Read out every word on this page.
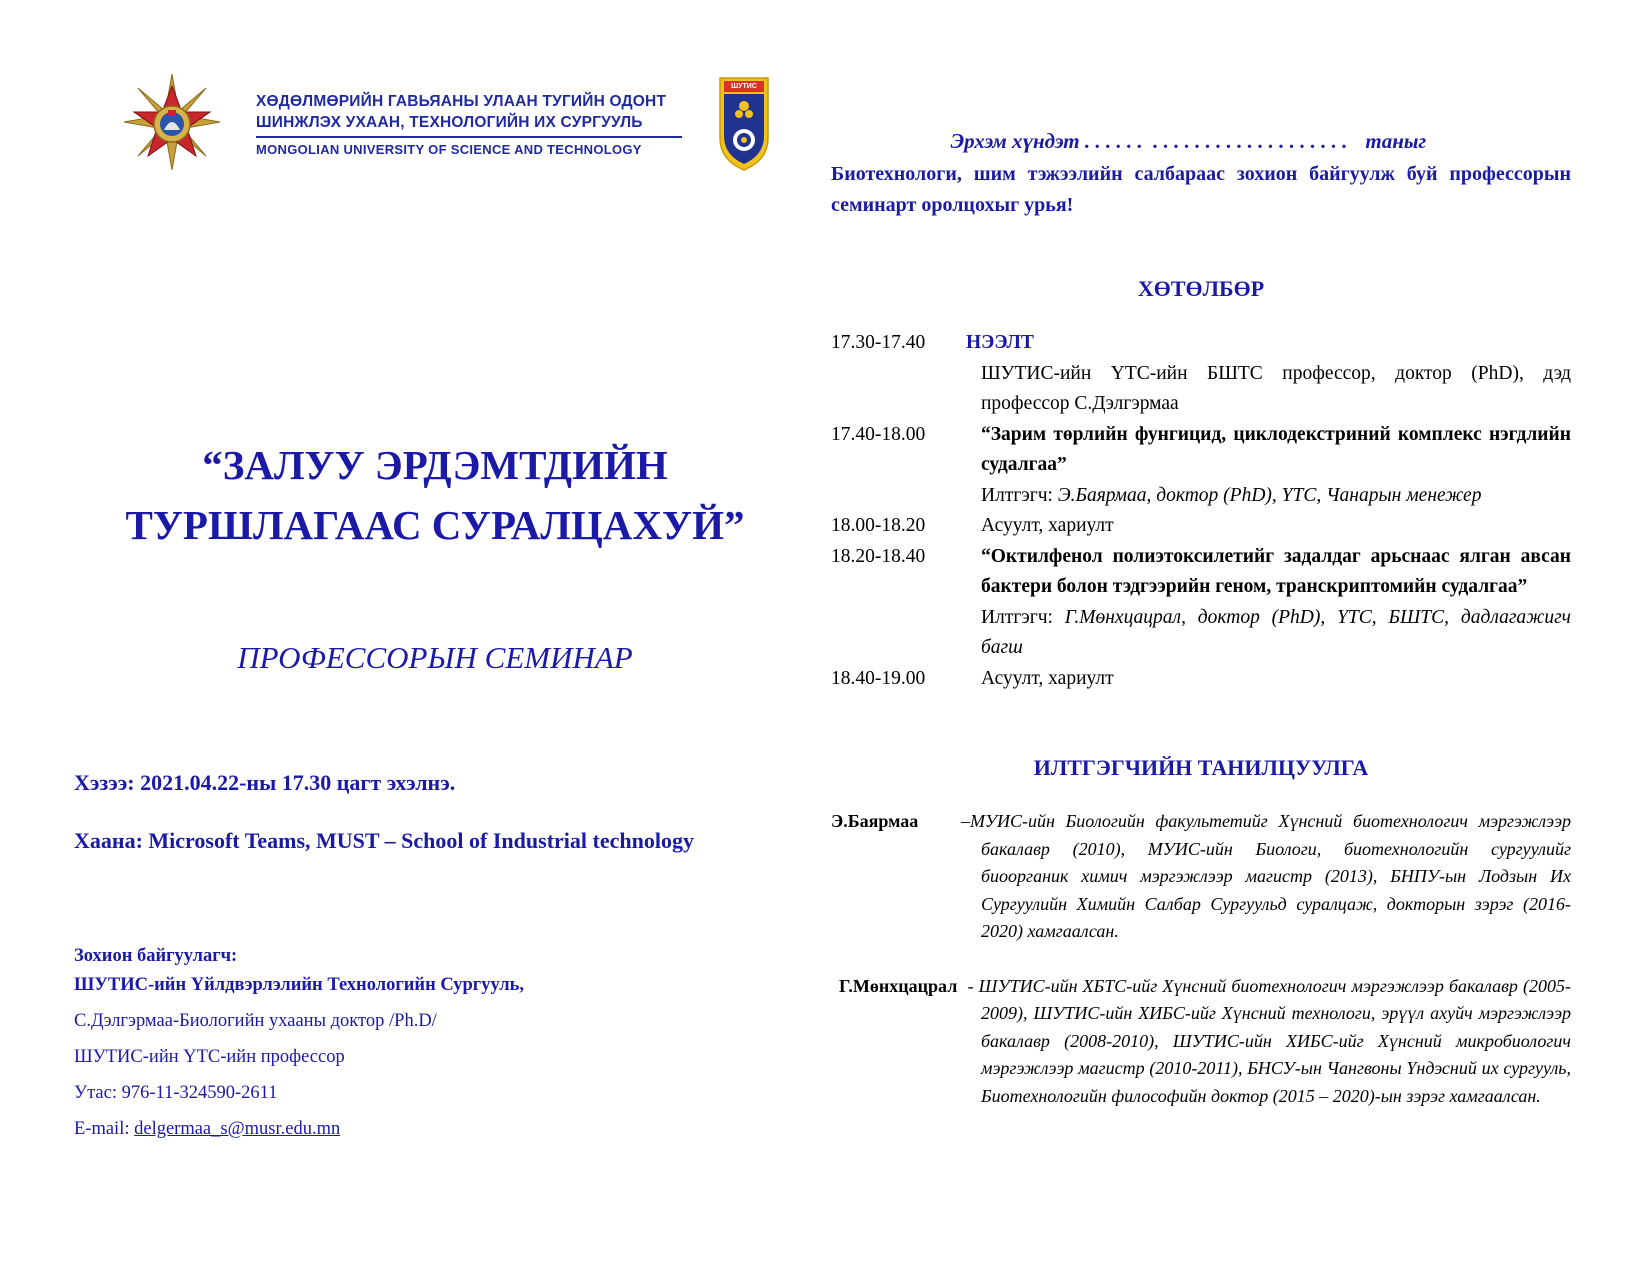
ХӨДӨЛМӨРИЙН ГАВЬЯАНЫ УЛААН ТУГИЙН ОДОНТ
ШИНЖЛЭХ УХААН, ТЕХНОЛОГИЙН ИХ СУРГУУЛЬ
MONGOLIAN UNIVERSITY OF SCIENCE AND TECHNOLOGY
ШУТИС
“ЗАЛУУ ЭРДЭМТДИЙН
ТУРШЛАГААС СУРАЛЦАХУЙ”
ПРОФЕССОРЫН СЕМИНАР
Хэзээ: 2021.04.22-ны 17.30 цагт эхэлнэ.
Хаана: Microsoft Teams, MUST – School of Industrial technology
Зохион байгуулагч:
ШУТИС-ийн Үйлдвэрлэлийн Технологийн Сургууль,
С.Дэлгэрмаа-Биологийн ухааны доктор /Ph.D/
ШУТИС-ийн ҮТС-ийн профессор
Утас: 976-11-324590-2611
E-mail: delgermaa_s@musr.edu.mn

Эрхэм хүндэт . . . . . .  . . . . . . . . . . . . . . . . . . . таныг

Биотехнологи, шим тэжээлийн салбараас зохион байгуулж буй профессорын семинарт оролцохыг урья!
ХӨТӨЛБӨР
17.30-17.40	НЭЭЛТ
ШУТИС-ийн ҮТС-ийн БШТС профессор, доктор (PhD), дэд профессор С.Дэлгэрмаа
17.40-18.00	“Зарим төрлийн фунгицид, циклодекстриний комплекс нэгдлийн судалгаа”
Илтгэгч: Э.Баярмаа, доктор (PhD), ҮТС, Чанарын менежер
18.00-18.20	Асуулт, хариулт
18.20-18.40	“Октилфенол полиэтоксилетийг задалдаг арьснаас ялган авсан бактери болон тэдгээрийн геном, транскриптомийн судалгаа”
Илтгэгч: Г.Мөнхцацрал, доктор (PhD), ҮТС, БШТС, дадлагажигч багш
18.40-19.00	Асуулт, хариулт
ИЛТГЭГЧИЙН ТАНИЛЦУУЛГА

Э.Баярмаа –МУИС-ийн Биологийн факультетийг Хүнсний биотехнологич мэргэжлээр бакалавр (2010), МУИС-ийн Биологи, биотехнологийн сургуулийг биоорганик химич мэргэжлээр магистр (2013), БНПУ-ын Лодзын Их Сургуулийн Химийн Салбар Сургуульд суралцаж, докторын зэрэг (2016-2020) хамгаалсан.

Г.Мөнхцацрал - ШУТИС-ийн ХБТС-ийг Хүнсний биотехнологич мэргэжлээр бакалавр (2005-2009), ШУТИС-ийн ХИБС-ийг Хүнсний технологи, эрүүл ахуйч мэргэжлээр бакалавр (2008-2010), ШУТИС-ийн ХИБС-ийг Хүнсний микробиологич мэргэжлээр магистр (2010-2011), БНСУ-ын Чангвоны Үндэсний их сургууль, Биотехнологийн философийн доктор (2015 – 2020)-ын зэрэг хамгаалсан.
